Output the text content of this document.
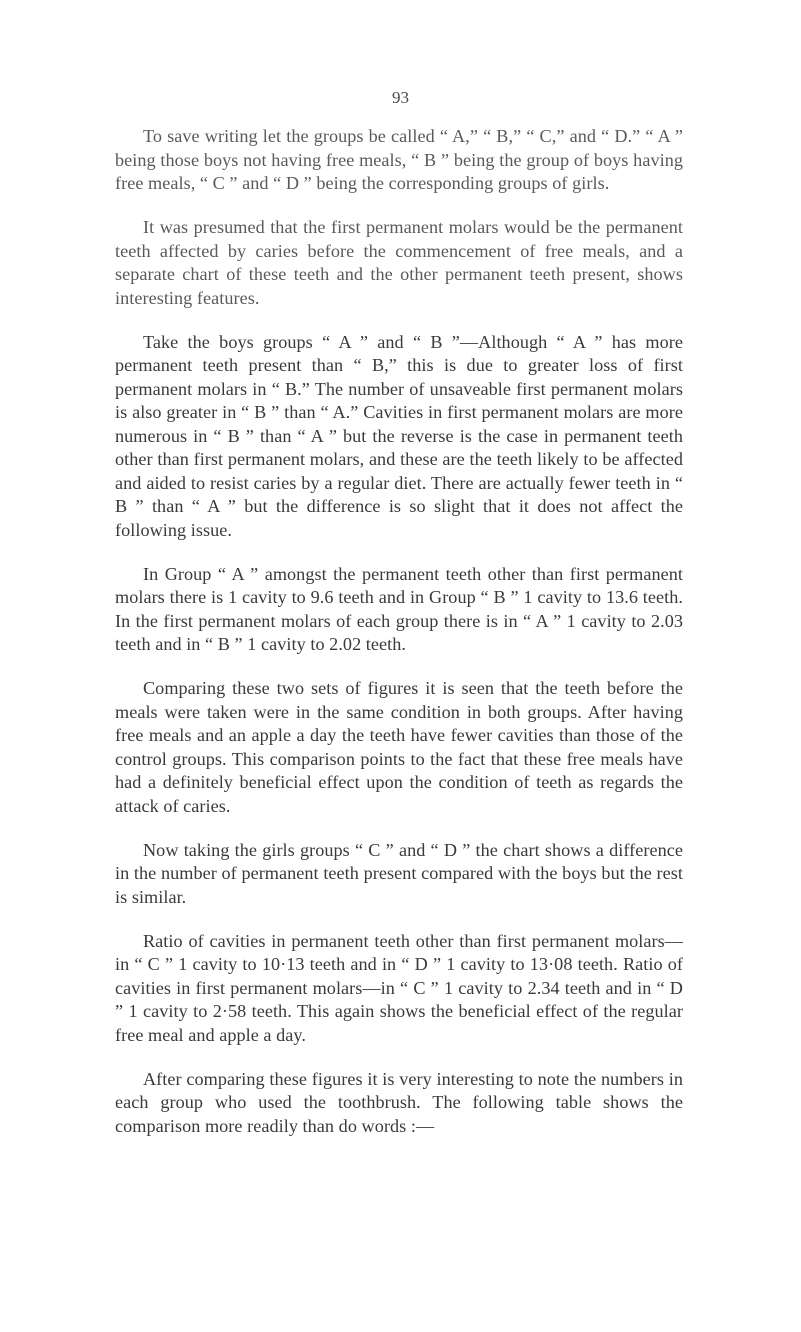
93

To save writing let the groups be called “ A,” “ B,” “ C,” and “ D.” “ A ” being those boys not having free meals, “ B ” being the group of boys having free meals, “ C ” and “ D ” being the corresponding groups of girls.

It was presumed that the first permanent molars would be the permanent teeth affected by caries before the commencement of free meals, and a separate chart of these teeth and the other permanent teeth present, shows interesting features.

Take the boys groups “ A ” and “ B ”—Although “ A ” has more permanent teeth present than “ B,” this is due to greater loss of first permanent molars in “ B.” The number of unsaveable first permanent molars is also greater in “ B ” than “ A.” Cavities in first permanent molars are more numerous in “ B ” than “ A ” but the reverse is the case in permanent teeth other than first permanent molars, and these are the teeth likely to be affected and aided to resist caries by a regular diet. There are actually fewer teeth in “ B ” than “ A ” but the difference is so slight that it does not affect the following issue.

In Group “ A ” amongst the permanent teeth other than first permanent molars there is 1 cavity to 9.6 teeth and in Group “ B ” 1 cavity to 13.6 teeth. In the first permanent molars of each group there is in “ A ” 1 cavity to 2.03 teeth and in “ B ” 1 cavity to 2.02 teeth.

Comparing these two sets of figures it is seen that the teeth before the meals were taken were in the same condition in both groups. After having free meals and an apple a day the teeth have fewer cavities than those of the control groups. This comparison points to the fact that these free meals have had a definitely beneficial effect upon the condition of teeth as regards the attack of caries.

Now taking the girls groups “ C ” and “ D ” the chart shows a difference in the number of permanent teeth present compared with the boys but the rest is similar.

Ratio of cavities in permanent teeth other than first permanent molars—in “ C ” 1 cavity to 10·13 teeth and in “ D ” 1 cavity to 13·08 teeth. Ratio of cavities in first permanent molars—in “ C ” 1 cavity to 2.34 teeth and in “ D ” 1 cavity to 2·58 teeth. This again shows the beneficial effect of the regular free meal and apple a day.

After comparing these figures it is very interesting to note the numbers in each group who used the toothbrush. The following table shows the comparison more readily than do words :—
